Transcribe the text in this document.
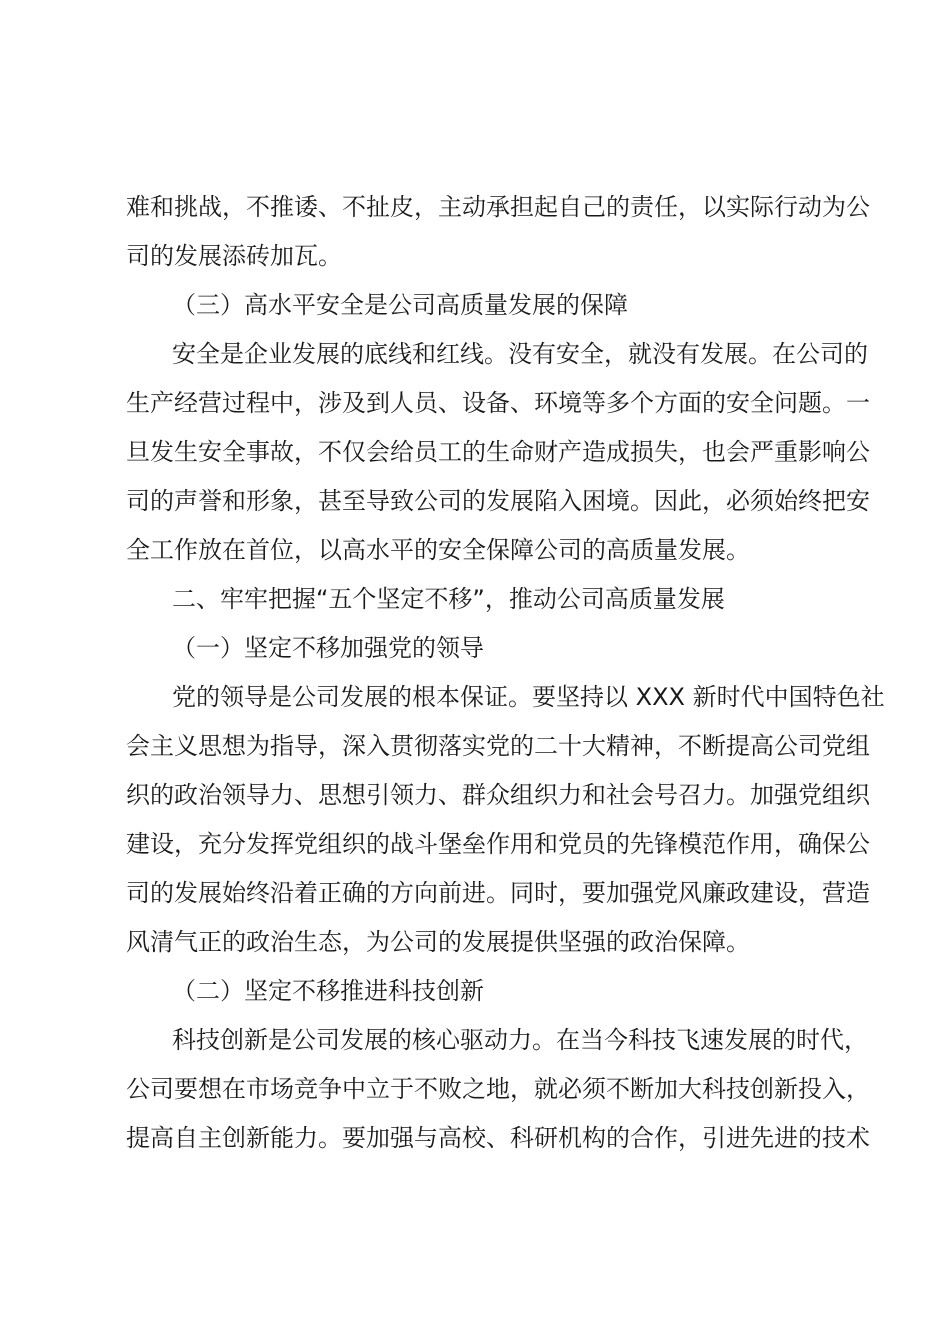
难和挑战，不推诿、不扯皮，主动承担起自己的责任，以实际行动为公
司的发展添砖加瓦。
（三）高水平安全是公司高质量发展的保障
安全是企业发展的底线和红线。没有安全，就没有发展。在公司的
生产经营过程中，涉及到人员、设备、环境等多个方面的安全问题。一
旦发生安全事故，不仅会给员工的生命财产造成损失，也会严重影响公
司的声誉和形象，甚至导致公司的发展陷入困境。因此，必须始终把安
全工作放在首位，以高水平的安全保障公司的高质量发展。
二、牢牢把握“五个坚定不移”，推动公司高质量发展
（一）坚定不移加强党的领导
党的领导是公司发展的根本保证。要坚持以 XXX 新时代中国特色社
会主义思想为指导，深入贯彻落实党的二十大精神，不断提高公司党组
织的政治领导力、思想引领力、群众组织力和社会号召力。加强党组织
建设，充分发挥党组织的战斗堡垒作用和党员的先锋模范作用，确保公
司的发展始终沿着正确的方向前进。同时，要加强党风廉政建设，营造
风清气正的政治生态，为公司的发展提供坚强的政治保障。
（二）坚定不移推进科技创新
科技创新是公司发展的核心驱动力。在当今科技飞速发展的时代，
公司要想在市场竞争中立于不败之地，就必须不断加大科技创新投入，
提高自主创新能力。要加强与高校、科研机构的合作，引进先进的技术
